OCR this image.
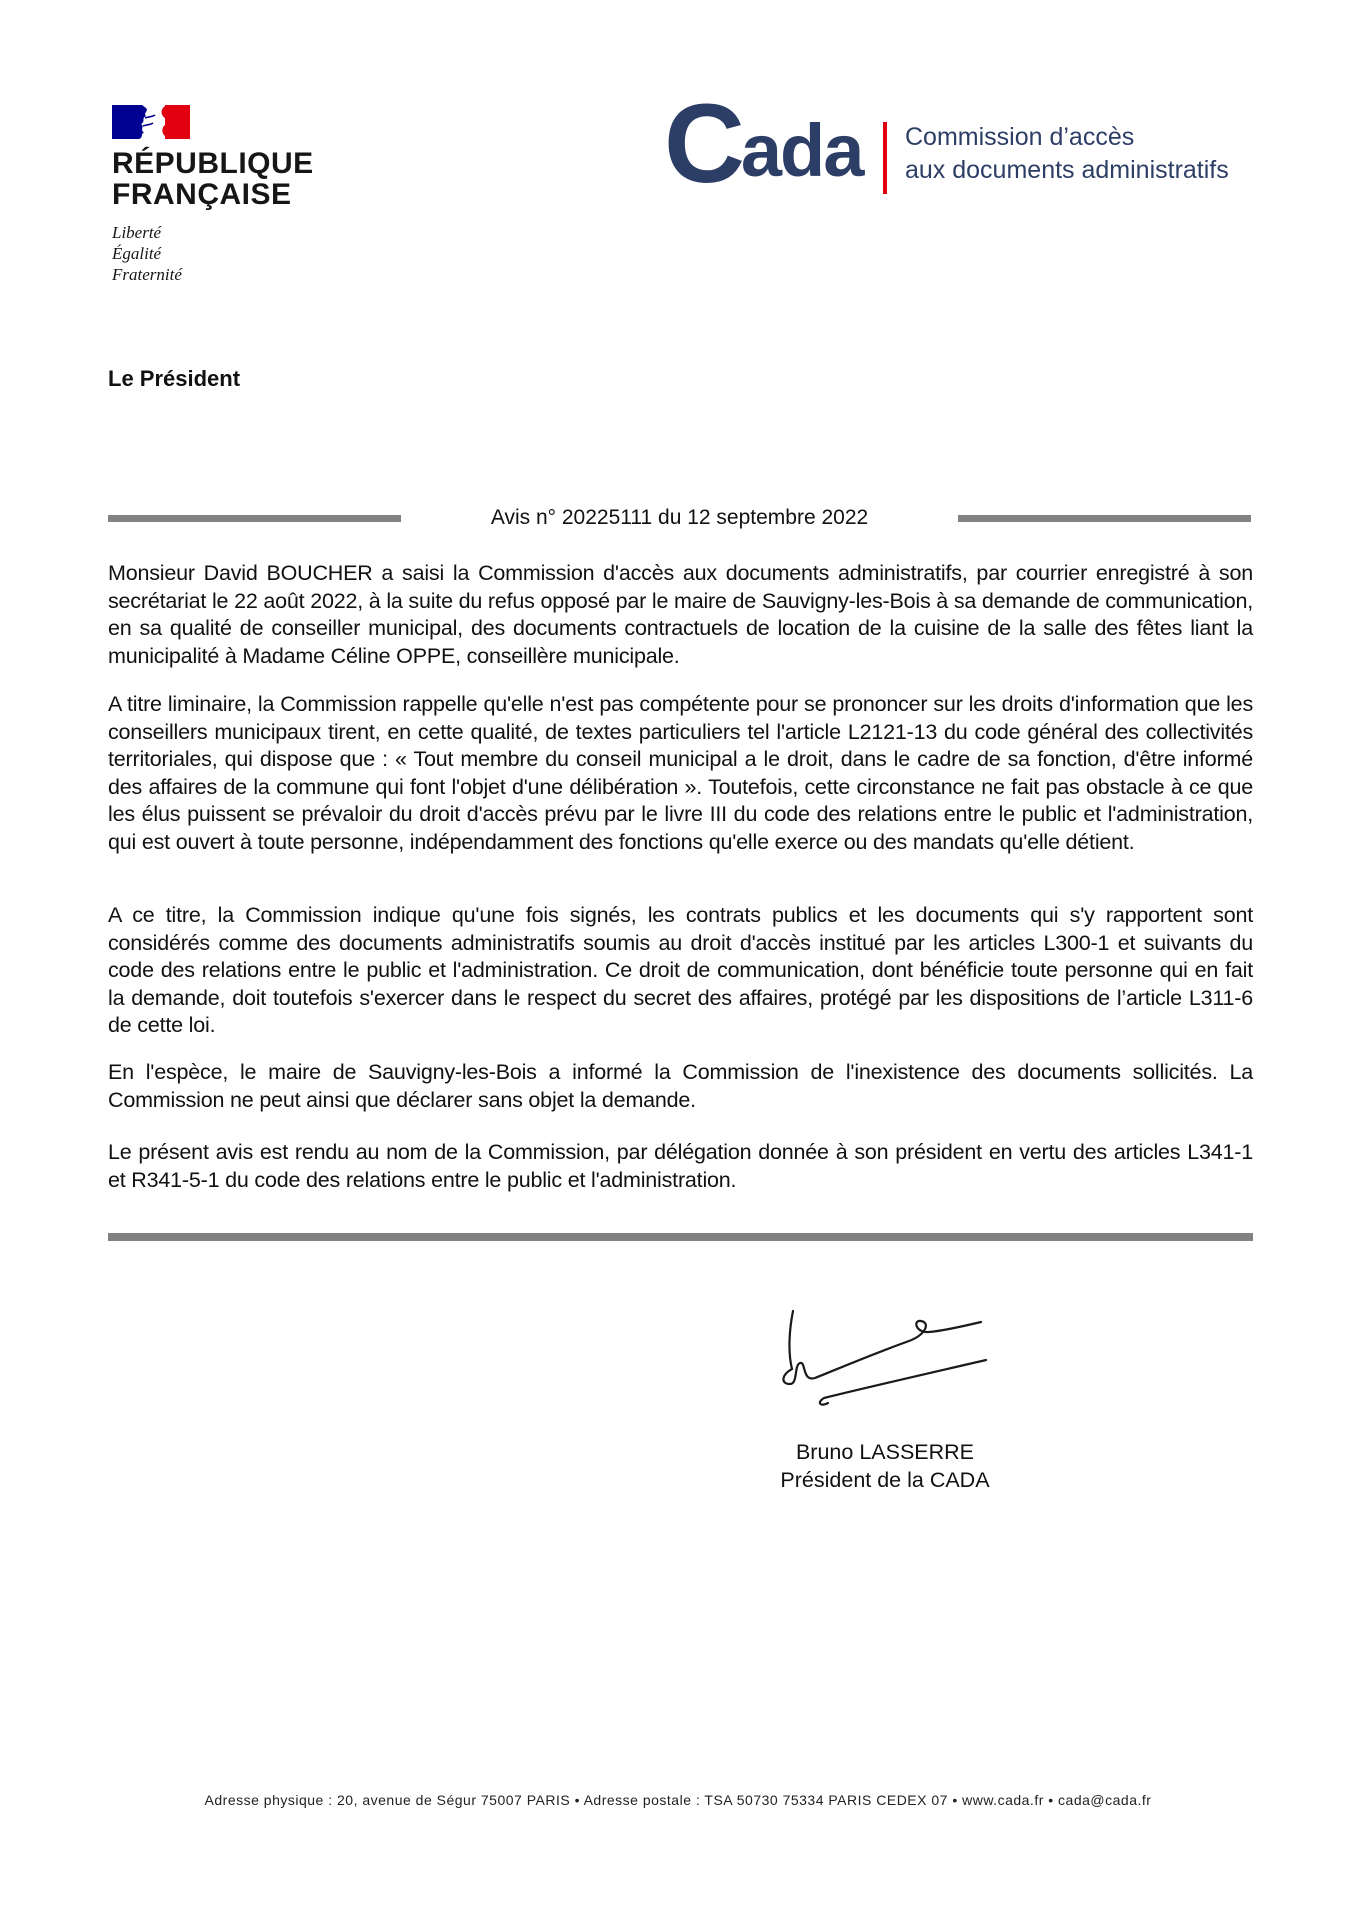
RÉPUBLIQUE
FRANÇAISE
Liberté
Égalité
Fraternité
Cada Commission d’accès
aux documents administratifs
Le Président
Avis n° 20225111 du 12 septembre 2022

Monsieur David BOUCHER a saisi la Commission d'accès aux documents administratifs, par courrier enregistré à son secrétariat le 22 août 2022, à la suite du refus opposé par le maire de Sauvigny-les-Bois à sa demande de communication, en sa qualité de conseiller municipal, des documents contractuels de location de la cuisine de la salle des fêtes liant la municipalité à Madame Céline OPPE, conseillère municipale.

A titre liminaire, la Commission rappelle qu'elle n'est pas compétente pour se prononcer sur les droits d'information que les conseillers municipaux tirent, en cette qualité, de textes particuliers tel l'article L2121-13 du code général des collectivités territoriales, qui dispose que : « Tout membre du conseil municipal a le droit, dans le cadre de sa fonction, d'être informé des affaires de la commune qui font l'objet d'une délibération ». Toutefois, cette circonstance ne fait pas obstacle à ce que les élus puissent se prévaloir du droit d'accès prévu par le livre III du code des relations entre le public et l'administration, qui est ouvert à toute personne, indépendamment des fonctions qu'elle exerce ou des mandats qu'elle détient.

A ce titre, la Commission indique qu'une fois signés, les contrats publics et les documents qui s'y rapportent sont considérés comme des documents administratifs soumis au droit d'accès institué par les articles L300-1 et suivants du code des relations entre le public et l'administration. Ce droit de communication, dont bénéficie toute personne qui en fait la demande, doit toutefois s'exercer dans le respect du secret des affaires, protégé par les dispositions de l’article L311-6 de cette loi.

En l'espèce, le maire de Sauvigny-les-Bois a informé la Commission de l'inexistence des documents sollicités. La Commission ne peut ainsi que déclarer sans objet la demande.

Le présent avis est rendu au nom de la Commission, par délégation donnée à son président en vertu des articles L341-1 et R341-5-1 du code des relations entre le public et l'administration.

Bruno LASSERRE
Président de la CADA
Adresse physique : 20, avenue de Ségur 75007 PARIS • Adresse postale : TSA 50730 75334 PARIS CEDEX 07 • www.cada.fr • cada@cada.fr
